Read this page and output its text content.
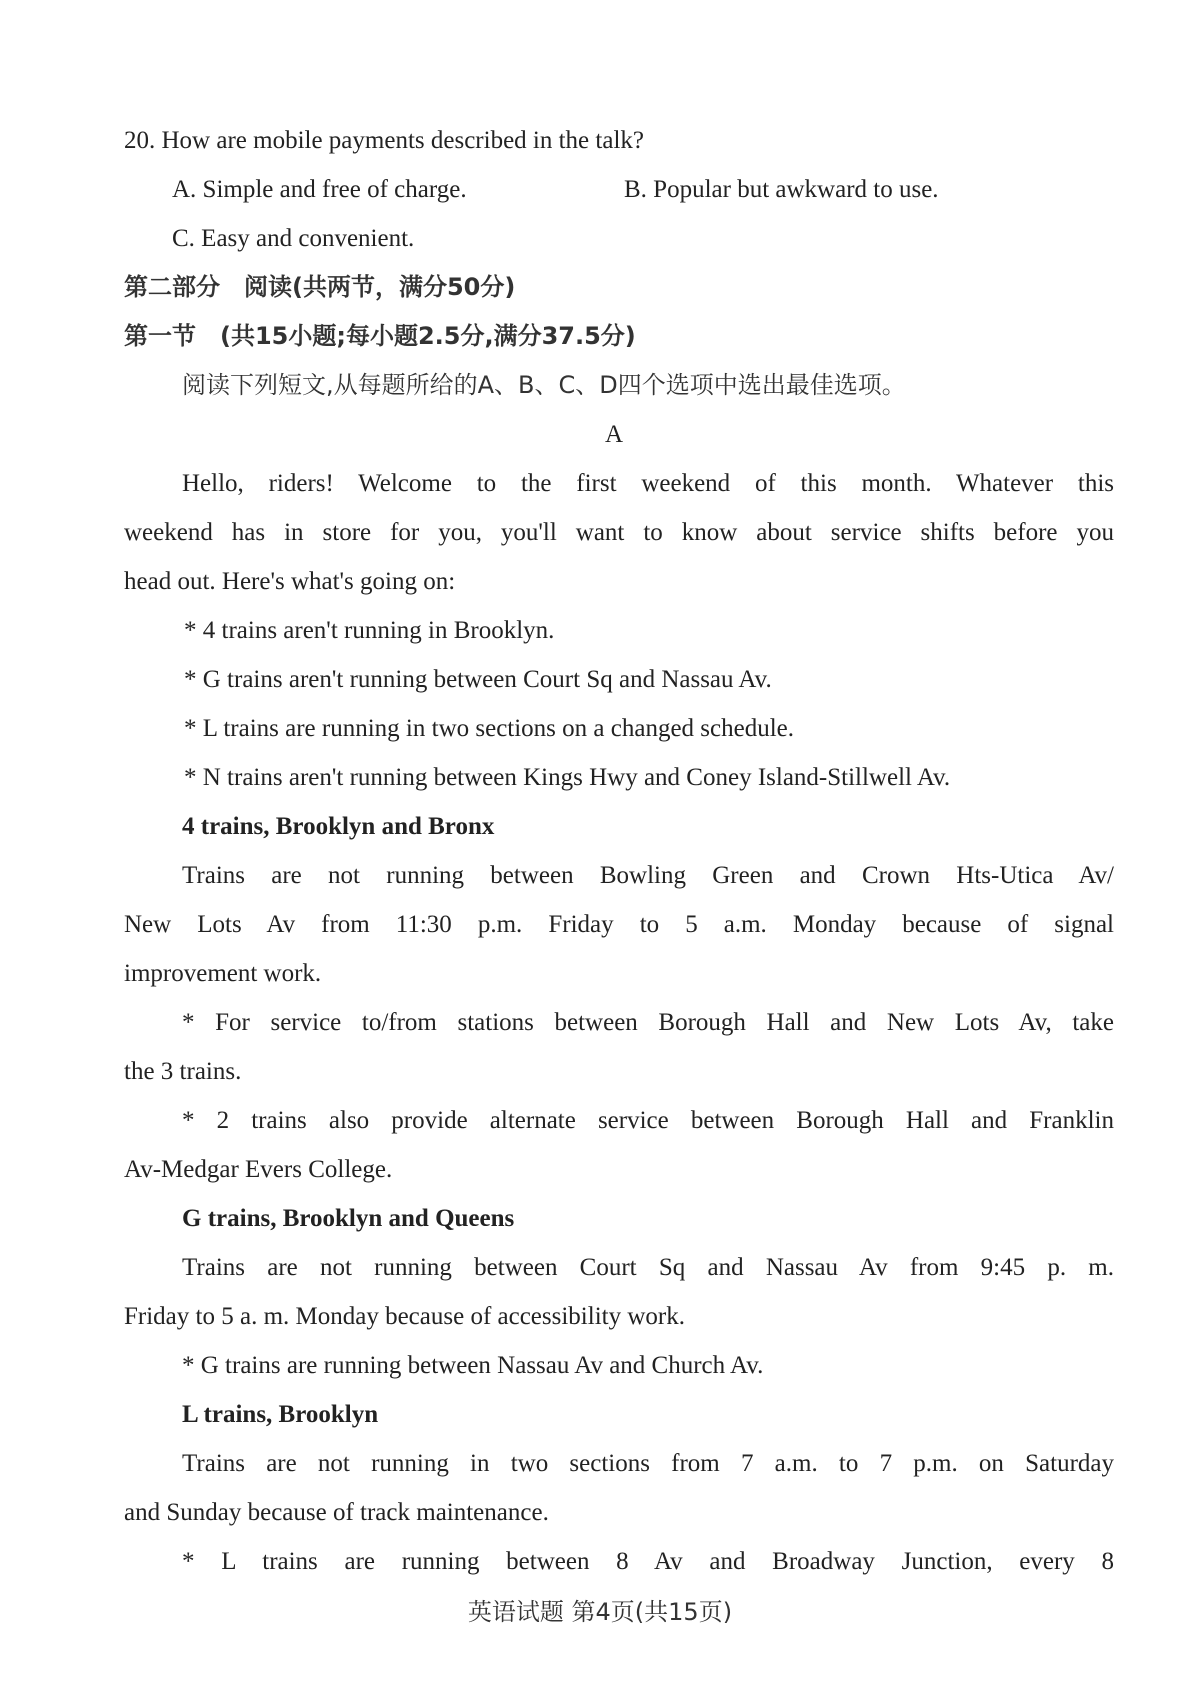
20. How are mobile payments described in the talk?
A. Simple and free of charge.	B. Popular but awkward to use.
C. Easy and convenient.
第二部分　阅读(共两节，满分50分)
第一节　(共15小题;每小题2.5分,满分37.5分)
阅读下列短文,从每题所给的A、B、C、D四个选项中选出最佳选项。
A
Hello, riders! Welcome to the first weekend of this month. Whatever this
weekend has in store for you, you'll want to know about service shifts before you
head out. Here's what's going on:
* 4 trains aren't running in Brooklyn.
* G trains aren't running between Court Sq and Nassau Av.
* L trains are running in two sections on a changed schedule.
* N trains aren't running between Kings Hwy and Coney Island-Stillwell Av.
4 trains, Brooklyn and Bronx
Trains are not running between Bowling Green and Crown Hts-Utica Av/
New Lots Av from 11:30 p.m. Friday to 5 a.m. Monday because of signal
improvement work.
* For service to/from stations between Borough Hall and New Lots Av, take
the 3 trains.
* 2 trains also provide alternate service between Borough Hall and Franklin
Av-Medgar Evers College.
G trains, Brooklyn and Queens
Trains are not running between Court Sq and Nassau Av from 9:45 p. m.
Friday to 5 a. m. Monday because of accessibility work.
* G trains are running between Nassau Av and Church Av.
L trains, Brooklyn
Trains are not running in two sections from 7 a.m. to 7 p.m. on Saturday
and Sunday because of track maintenance.
* L trains are running between 8 Av and Broadway Junction, every 8
英语试题 第4页(共15页)
